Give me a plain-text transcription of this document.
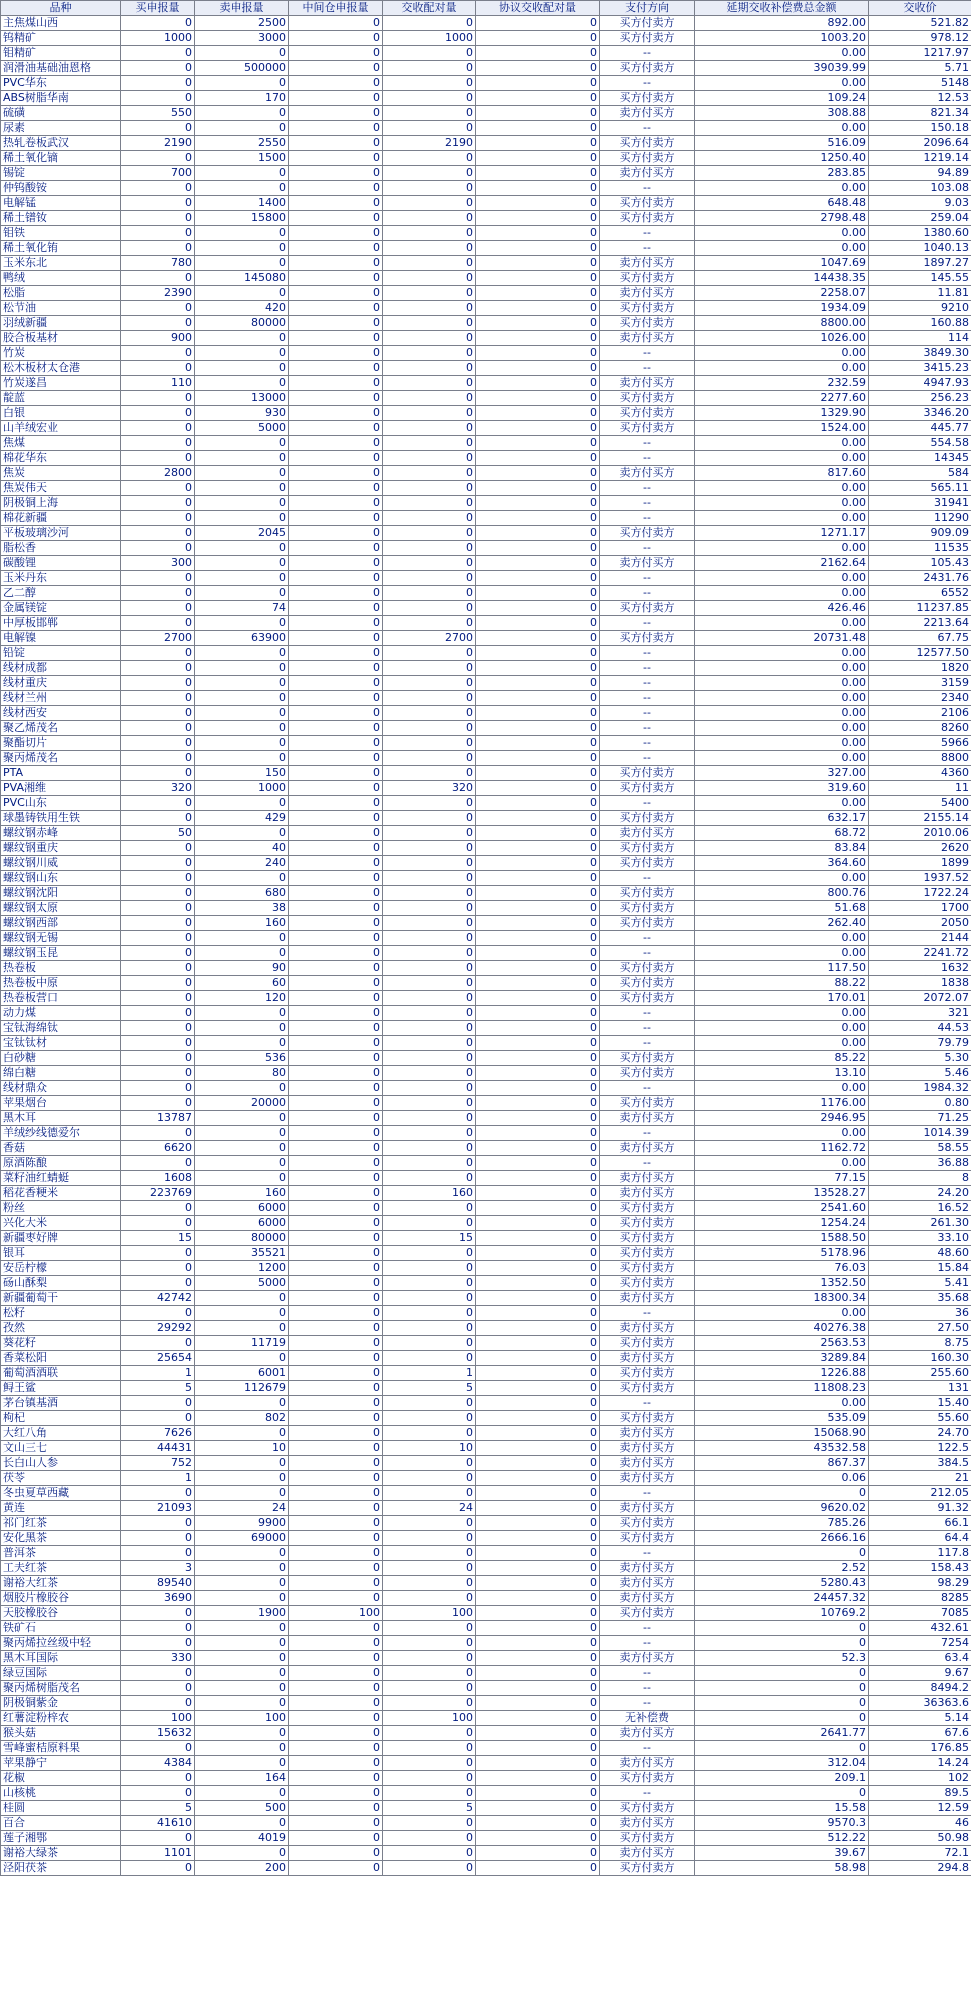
品种	买申报量	卖申报量	中间仓申报量	交收配对量	协议交收配对量	支付方向	延期交收补偿费总金额	交收价
主焦煤山西	0	2500	0	0	0	买方付卖方	892.00	521.82
钨精矿	1000	3000	0	1000	0	买方付卖方	1003.20	978.12
钼精矿	0	0	0	0	0	--	0.00	1217.97
润滑油基础油恩格	0	500000	0	0	0	买方付卖方	39039.99	5.71
PVC华东	0	0	0	0	0	--	0.00	5148
ABS树脂华南	0	170	0	0	0	买方付卖方	109.24	12.53
硫磺	550	0	0	0	0	卖方付买方	308.88	821.34
尿素	0	0	0	0	0	--	0.00	150.18
热轧卷板武汉	2190	2550	0	2190	0	买方付卖方	516.09	2096.64
稀土氧化镝	0	1500	0	0	0	买方付卖方	1250.40	1219.14
锡锭	700	0	0	0	0	卖方付买方	283.85	94.89
仲钨酸铵	0	0	0	0	0	--	0.00	103.08
电解锰	0	1400	0	0	0	买方付卖方	648.48	9.03
稀土镨钕	0	15800	0	0	0	买方付卖方	2798.48	259.04
钼铁	0	0	0	0	0	--	0.00	1380.60
稀土氧化铕	0	0	0	0	0	--	0.00	1040.13
玉米东北	780	0	0	0	0	卖方付买方	1047.69	1897.27
鸭绒	0	145080	0	0	0	买方付卖方	14438.35	145.55
松脂	2390	0	0	0	0	卖方付买方	2258.07	11.81
松节油	0	420	0	0	0	买方付卖方	1934.09	9210
羽绒新疆	0	80000	0	0	0	买方付卖方	8800.00	160.88
胶合板基材	900	0	0	0	0	卖方付买方	1026.00	114
竹炭	0	0	0	0	0	--	0.00	3849.30
松木板材太仓港	0	0	0	0	0	--	0.00	3415.23
竹炭遂昌	110	0	0	0	0	卖方付买方	232.59	4947.93
靛蓝	0	13000	0	0	0	买方付卖方	2277.60	256.23
白银	0	930	0	0	0	买方付卖方	1329.90	3346.20
山羊绒宏业	0	5000	0	0	0	买方付卖方	1524.00	445.77
焦煤	0	0	0	0	0	--	0.00	554.58
棉花华东	0	0	0	0	0	--	0.00	14345
焦炭	2800	0	0	0	0	卖方付买方	817.60	584
焦炭伟天	0	0	0	0	0	--	0.00	565.11
阴极铜上海	0	0	0	0	0	--	0.00	31941
棉花新疆	0	0	0	0	0	--	0.00	11290
平板玻璃沙河	0	2045	0	0	0	买方付卖方	1271.17	909.09
脂松香	0	0	0	0	0	--	0.00	11535
碳酸锂	300	0	0	0	0	卖方付买方	2162.64	105.43
玉米丹东	0	0	0	0	0	--	0.00	2431.76
乙二醇	0	0	0	0	0	--	0.00	6552
金属镁锭	0	74	0	0	0	买方付卖方	426.46	11237.85
中厚板邯郸	0	0	0	0	0	--	0.00	2213.64
电解镍	2700	63900	0	2700	0	买方付卖方	20731.48	67.75
铅锭	0	0	0	0	0	--	0.00	12577.50
线材成都	0	0	0	0	0	--	0.00	1820
线材重庆	0	0	0	0	0	--	0.00	3159
线材兰州	0	0	0	0	0	--	0.00	2340
线材西安	0	0	0	0	0	--	0.00	2106
聚乙烯茂名	0	0	0	0	0	--	0.00	8260
聚酯切片	0	0	0	0	0	--	0.00	5966
聚丙烯茂名	0	0	0	0	0	--	0.00	8800
PTA	0	150	0	0	0	买方付卖方	327.00	4360
PVA湘维	320	1000	0	320	0	买方付卖方	319.60	11
PVC山东	0	0	0	0	0	--	0.00	5400
球墨铸铁用生铁	0	429	0	0	0	买方付卖方	632.17	2155.14
螺纹钢赤峰	50	0	0	0	0	卖方付买方	68.72	2010.06
螺纹钢重庆	0	40	0	0	0	买方付卖方	83.84	2620
螺纹钢川威	0	240	0	0	0	买方付卖方	364.60	1899
螺纹钢山东	0	0	0	0	0	--	0.00	1937.52
螺纹钢沈阳	0	680	0	0	0	买方付卖方	800.76	1722.24
螺纹钢太原	0	38	0	0	0	买方付卖方	51.68	1700
螺纹钢西部	0	160	0	0	0	买方付卖方	262.40	2050
螺纹钢无锡	0	0	0	0	0	--	0.00	2144
螺纹钢玉昆	0	0	0	0	0	--	0.00	2241.72
热卷板	0	90	0	0	0	买方付卖方	117.50	1632
热卷板中原	0	60	0	0	0	买方付卖方	88.22	1838
热卷板营口	0	120	0	0	0	买方付卖方	170.01	2072.07
动力煤	0	0	0	0	0	--	0.00	321
宝钛海绵钛	0	0	0	0	0	--	0.00	44.53
宝钛钛材	0	0	0	0	0	--	0.00	79.79
白砂糖	0	536	0	0	0	买方付卖方	85.22	5.30
绵白糖	0	80	0	0	0	买方付卖方	13.10	5.46
线材鼎众	0	0	0	0	0	--	0.00	1984.32
苹果烟台	0	20000	0	0	0	买方付卖方	1176.00	0.80
黑木耳	13787	0	0	0	0	卖方付买方	2946.95	71.25
羊绒纱线德爱尔	0	0	0	0	0	--	0.00	1014.39
香菇	6620	0	0	0	0	卖方付买方	1162.72	58.55
原酒陈酿	0	0	0	0	0	--	0.00	36.88
菜籽油红蜻蜓	1608	0	0	0	0	卖方付买方	77.15	8
稻花香粳米	223769	160	0	160	0	卖方付买方	13528.27	24.20
粉丝	0	6000	0	0	0	买方付卖方	2541.60	16.52
兴化大米	0	6000	0	0	0	买方付卖方	1254.24	261.30
新疆枣好牌	15	80000	0	15	0	买方付卖方	1588.50	33.10
银耳	0	35521	0	0	0	买方付卖方	5178.96	48.60
安岳柠檬	0	1200	0	0	0	买方付卖方	76.03	15.84
砀山酥梨	0	5000	0	0	0	买方付卖方	1352.50	5.41
新疆葡萄干	42742	0	0	0	0	卖方付买方	18300.34	35.68
松籽	0	0	0	0	0	--	0.00	36
孜然	29292	0	0	0	0	卖方付买方	40276.38	27.50
葵花籽	0	11719	0	0	0	买方付卖方	2563.53	8.75
香菜松阳	25654	0	0	0	0	卖方付买方	3289.84	160.30
葡萄酒酒联	1	6001	0	1	0	买方付卖方	1226.88	255.60
鲟王鲨	5	112679	0	5	0	买方付卖方	11808.23	131
茅台镇基酒	0	0	0	0	0	--	0.00	15.40
枸杞	0	802	0	0	0	买方付卖方	535.09	55.60
大红八角	7626	0	0	0	0	卖方付买方	15068.90	24.70
文山三七	44431	10	0	10	0	卖方付买方	43532.58	122.5
长白山人参	752	0	0	0	0	卖方付买方	867.37	384.5
茯苓	1	0	0	0	0	卖方付买方	0.06	21
冬虫夏草西藏	0	0	0	0	0	--	0	212.05
黄连	21093	24	0	24	0	卖方付买方	9620.02	91.32
祁门红茶	0	9900	0	0	0	买方付卖方	785.26	66.1
安化黑茶	0	69000	0	0	0	买方付卖方	2666.16	64.4
普洱茶	0	0	0	0	0	--	0	117.8
工夫红茶	3	0	0	0	0	卖方付买方	2.52	158.43
谢裕大红茶	89540	0	0	0	0	卖方付买方	5280.43	98.29
烟胶片橡胶谷	3690	0	0	0	0	卖方付买方	24457.32	8285
天胶橡胶谷	0	1900	100	100	0	买方付卖方	10769.2	7085
铁矿石	0	0	0	0	0	--	0	432.61
聚丙烯拉丝级中轻	0	0	0	0	0	--	0	7254
黑木耳国际	330	0	0	0	0	卖方付买方	52.3	63.4
绿豆国际	0	0	0	0	0	--	0	9.67
聚丙烯树脂茂名	0	0	0	0	0	--	0	8494.2
阴极铜紫金	0	0	0	0	0	--	0	36363.6
红薯淀粉梓农	100	100	0	100	0	无补偿费	0	5.14
猴头菇	15632	0	0	0	0	卖方付买方	2641.77	67.6
雪峰蜜桔原料果	0	0	0	0	0	--	0	176.85
苹果静宁	4384	0	0	0	0	卖方付买方	312.04	14.24
花椒	0	164	0	0	0	买方付卖方	209.1	102
山核桃	0	0	0	0	0	--	0	89.5
桂圆	5	500	0	5	0	买方付卖方	15.58	12.59
百合	41610	0	0	0	0	卖方付买方	9570.3	46
莲子湘鄂	0	4019	0	0	0	买方付卖方	512.22	50.98
谢裕大绿茶	1101	0	0	0	0	卖方付买方	39.67	72.1
泾阳茯茶	0	200	0	0	0	买方付卖方	58.98	294.8
